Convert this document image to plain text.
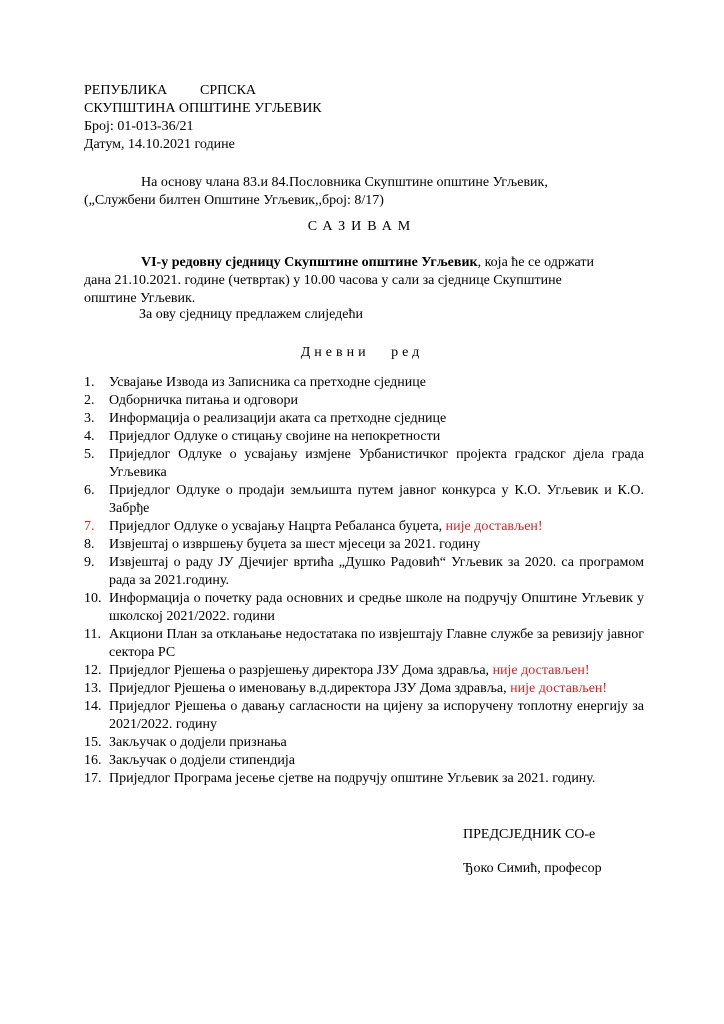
РЕПУБЛИКА СРПСКА
СКУПШТИНА ОПШТИНЕ УГЉЕВИК
Број: 01-013-36/21
Датум, 14.10.2021 године
На основу члана 83.и 84.Пословника Скупштине општине Угљевик,
(„Службени билтен Општине Угљевик,,број: 8/17)
САЗИВАМ
VI-у редовну сједницу Скупштине општине Угљевик, која ће се одржати
дана 21.10.2021. године (четвртак) у 10.00 часова у сали за сједнице Скупштине
општине Угљевик.
За ову сједницу предлажем слиједећи
Дневни ред
1.	Усвајање Извода из Записника са претходне сједнице
2.	Одборничка питања и одговори
3.	Информација о реализацији аката са претходне сједнице
4.	Приједлог Одлуке о стицању својине на непокретности
5.	Приједлог Одлуке о усвајању измјене Урбанистичког пројекта градског дјела града Угљевика
6.	Приједлог Одлуке о продаји земљишта путем јавног конкурса у К.О. Угљевик и К.О. Забрђе
7.	Приједлог Одлуке о усвајању Нацрта Ребаланса буџета, није достављен!
8.	Извјештај о извршењу буџета за шест мјесеци за 2021. годину
9.	Извјештај о раду ЈУ Дјечијег вртића „Душко Радовић“ Угљевик за 2020. са програмом рада за 2021.годину.
10. Информација о почетку рада основних и средње школе на подручју Општине Угљевик у школској 2021/2022. години
11. Акциони План за отклањање недостатака по извјештају Главне службе за ревизију јавног сектора РС
12. Приједлог Рјешења о разрјешењу директора ЈЗУ Дома здравља, није достављен!
13. Приједлог Рјешења о именовању в.д.директора ЈЗУ Дома здравља, није достављен!
14. Приједлог Рјешења о давању сагласности на цијену за испоручену топлотну енергију за 2021/2022. годину
15. Закључак о додјели признања
16. Закључак о додјели стипендија
17. Приједлог Програма јесење сјетве на подручју општине Угљевик за 2021. годину.
ПРЕДСЈЕДНИК СО-е
Ђоко Симић, професор
